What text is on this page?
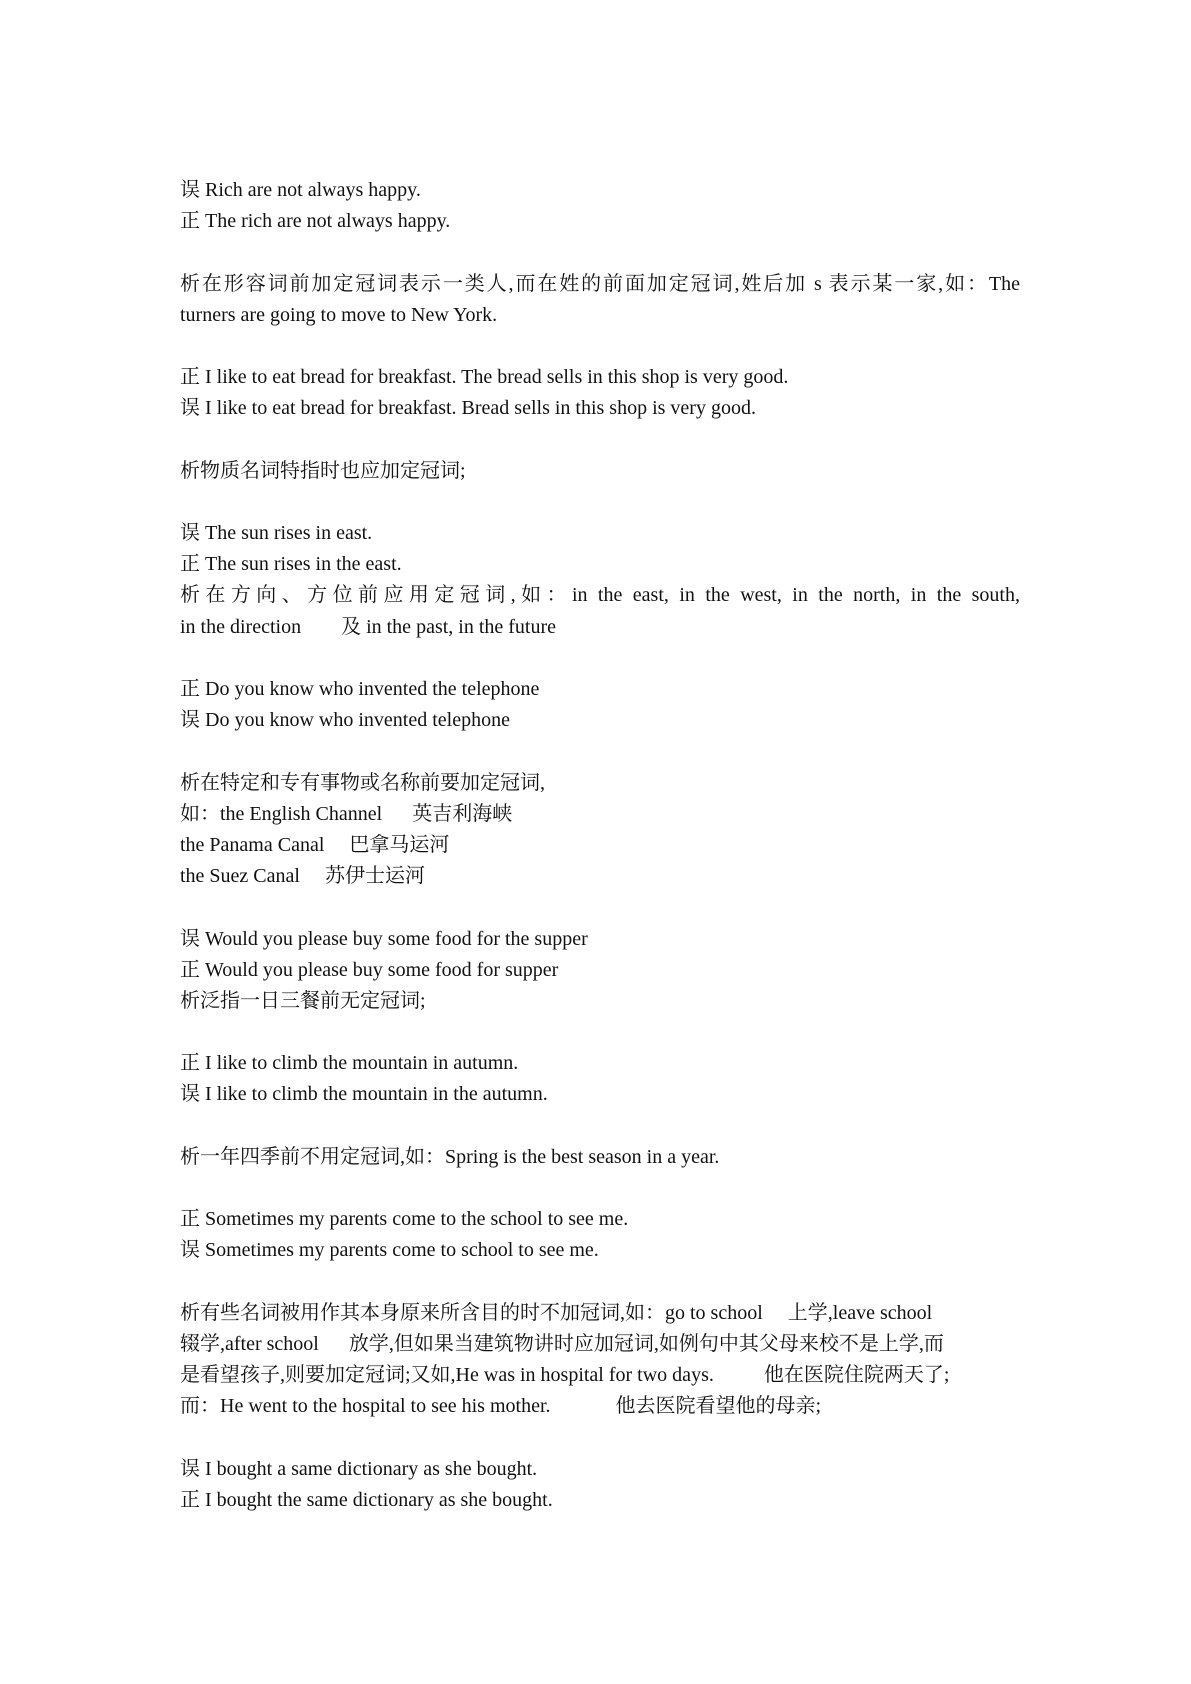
误 Rich are not always happy.
正 The rich are not always happy.
析在形容词前加定冠词表示一类人,而在姓的前面加定冠词,姓后加 s 表示某一家,如：The
turners are going to move to New York.
正 I like to eat bread for breakfast. The bread sells in this shop is very good.
误 I like to eat bread for breakfast. Bread sells in this shop is very good.
析物质名词特指时也应加定冠词;
误 The sun rises in east.
正 The sun rises in the east.
析在方向、方位前应用定冠词,如：in the east, in the west, in the north, in the south,
in the direction        及 in the past, in the future
正 Do you know who invented the telephone
误 Do you know who invented telephone
析在特定和专有事物或名称前要加定冠词,
如：the English Channel      英吉利海峡
the Panama Canal     巴拿马运河
the Suez Canal     苏伊士运河
误 Would you please buy some food for the supper
正 Would you please buy some food for supper
析泛指一日三餐前无定冠词;
正 I like to climb the mountain in autumn.
误 I like to climb the mountain in the autumn.
析一年四季前不用定冠词,如：Spring is the best season in a year.
正 Sometimes my parents come to the school to see me.
误 Sometimes my parents come to school to see me.
析有些名词被用作其本身原来所含目的时不加冠词,如：go to school     上学,leave school
辍学,after school      放学,但如果当建筑物讲时应加冠词,如例句中其父母来校不是上学,而
是看望孩子,则要加定冠词;又如,He was in hospital for two days.          他在医院住院两天了;
而：He went to the hospital to see his mother.             他去医院看望他的母亲;
误 I bought a same dictionary as she bought.
正 I bought the same dictionary as she bought.
